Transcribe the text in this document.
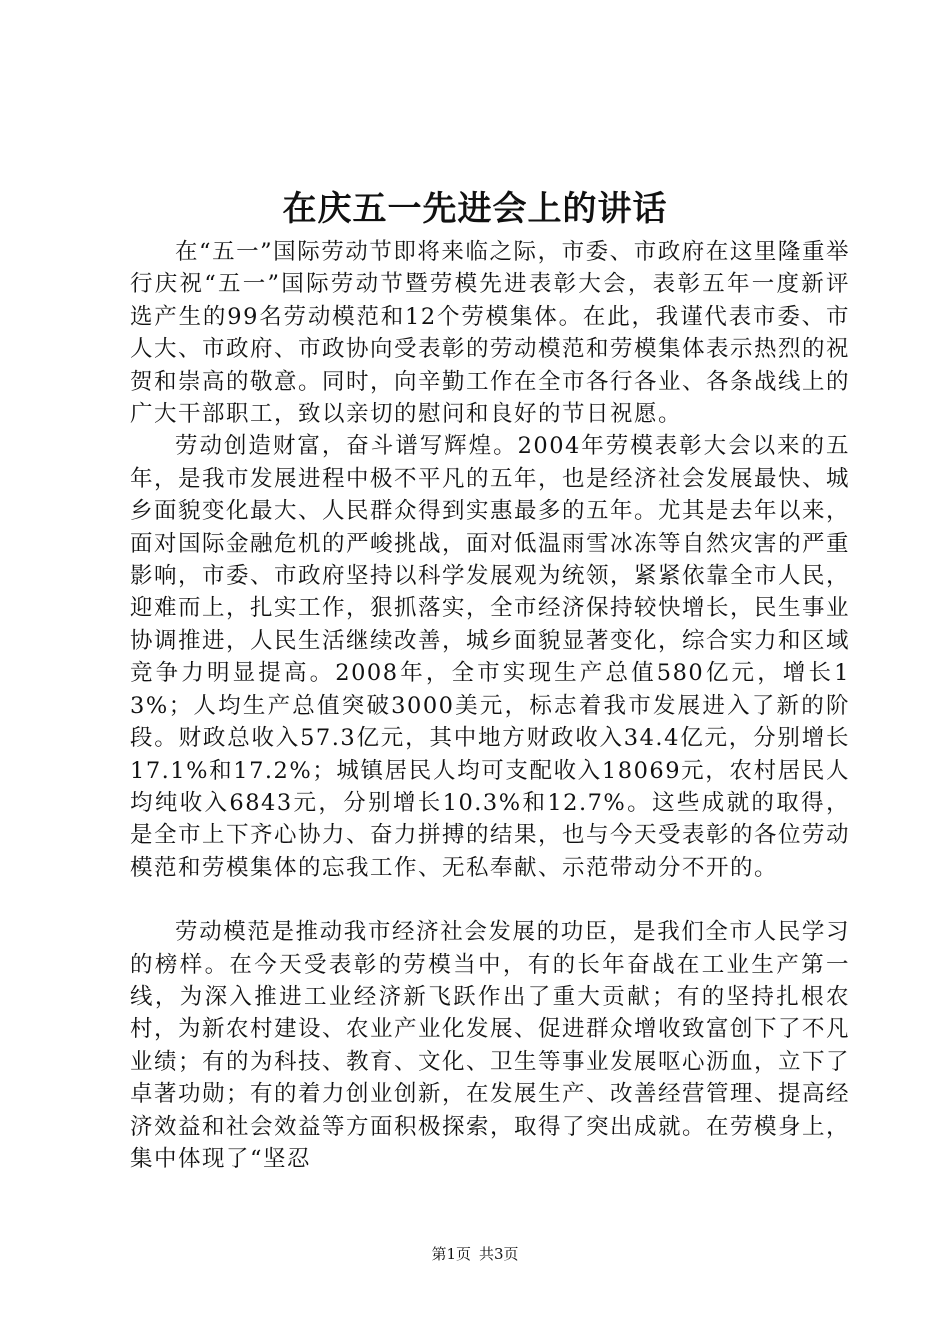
在庆五一先进会上的讲话

在“五一”国际劳动节即将来临之际，市委、市政府在这里隆重举行庆祝“五一”国际劳动节暨劳模先进表彰大会，表彰五年一度新评选产生的99名劳动模范和12个劳模集体。在此，我谨代表市委、市人大、市政府、市政协向受表彰的劳动模范和劳模集体表示热烈的祝贺和崇高的敬意。同时，向辛勤工作在全市各行各业、各条战线上的广大干部职工，致以亲切的慰问和良好的节日祝愿。

劳动创造财富，奋斗谱写辉煌。2004年劳模表彰大会以来的五年，是我市发展进程中极不平凡的五年，也是经济社会发展最快、城乡面貌变化最大、人民群众得到实惠最多的五年。尤其是去年以来，面对国际金融危机的严峻挑战，面对低温雨雪冰冻等自然灾害的严重影响，市委、市政府坚持以科学发展观为统领，紧紧依靠全市人民，迎难而上，扎实工作，狠抓落实，全市经济保持较快增长，民生事业协调推进，人民生活继续改善，城乡面貌显著变化，综合实力和区域竞争力明显提高。2008年，全市实现生产总值580亿元，增长13%；人均生产总值突破3000美元，标志着我市发展进入了新的阶段。财政总收入57.3亿元，其中地方财政收入34.4亿元，分别增长17.1%和17.2%；城镇居民人均可支配收入18069元，农村居民人均纯收入6843元，分别增长10.3%和12.7%。这些成就的取得，是全市上下齐心协力、奋力拼搏的结果，也与今天受表彰的各位劳动模范和劳模集体的忘我工作、无私奉献、示范带动分不开的。

劳动模范是推动我市经济社会发展的功臣，是我们全市人民学习的榜样。在今天受表彰的劳模当中，有的长年奋战在工业生产第一线，为深入推进工业经济新飞跃作出了重大贡献；有的坚持扎根农村，为新农村建设、农业产业化发展、促进群众增收致富创下了不凡业绩；有的为科技、教育、文化、卫生等事业发展呕心沥血，立下了卓著功勋；有的着力创业创新，在发展生产、改善经营管理、提高经济效益和社会效益等方面积极探索，取得了突出成就。在劳模身上，集中体现了“坚忍

第1页 共3页
